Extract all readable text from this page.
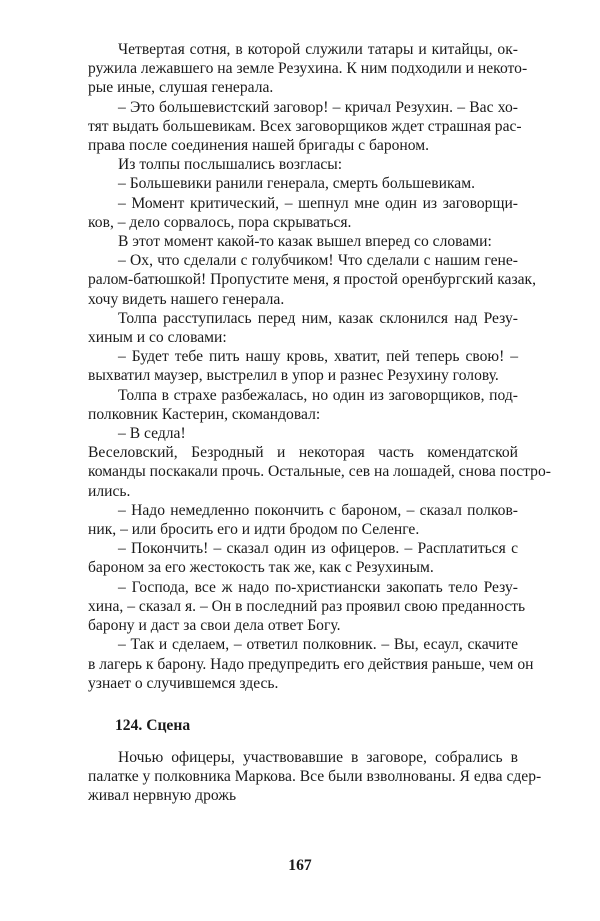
Четвертая сотня, в которой служили татары и китайцы, ок-
ружила лежавшего на земле Резухина. К ним подходили и некото-
рые иные, слушая генерала.
– Это большевистский заговор! – кричал Резухин. – Вас хо-
тят выдать большевикам. Всех заговорщиков ждет страшная рас-
права после соединения нашей бригады с бароном.
Из толпы послышались возгласы:
– Большевики ранили генерала, смерть большевикам.
– Момент критический, – шепнул мне один из заговорщи-
ков, – дело сорвалось, пора скрываться.
В этот момент какой-то казак вышел вперед со словами:
– Ох, что сделали с голубчиком! Что сделали с нашим гене-
ралом-батюшкой! Пропустите меня, я простой оренбургский казак,
хочу видеть нашего генерала.
Толпа расступилась перед ним, казак склонился над Резу-
хиным и со словами:
– Будет тебе пить нашу кровь, хватит, пей теперь свою! –
выхватил маузер, выстрелил в упор и разнес Резухину голову.
Толпа в страхе разбежалась, но один из заговорщиков, под-
полковник Кастерин, скомандовал:
– В седла!
Веселовский, Безродный и некоторая часть комендатской
команды поскакали прочь. Остальные, сев на лошадей, снова постро-
ились.
– Надо немедленно покончить с бароном, – сказал полков-
ник, – или бросить его и идти бродом по Селенге.
– Покончить! – сказал один из офицеров. – Расплатиться с
бароном за его жестокость так же, как с Резухиным.
– Господа, все ж надо по-христиански закопать тело Резу-
хина, – сказал я. – Он в последний раз проявил свою преданность
барону и даст за свои дела ответ Богу.
– Так и сделаем, – ответил полковник. – Вы, есаул, скачите
в лагерь к барону. Надо предупредить его действия раньше, чем он
узнает о случившемся здесь.
124. Сцена
Ночью офицеры, участвовавшие в заговоре, собрались в
палатке у полковника Маркова. Все были взволнованы. Я едва сдер-
живал нервную дрожь
167
